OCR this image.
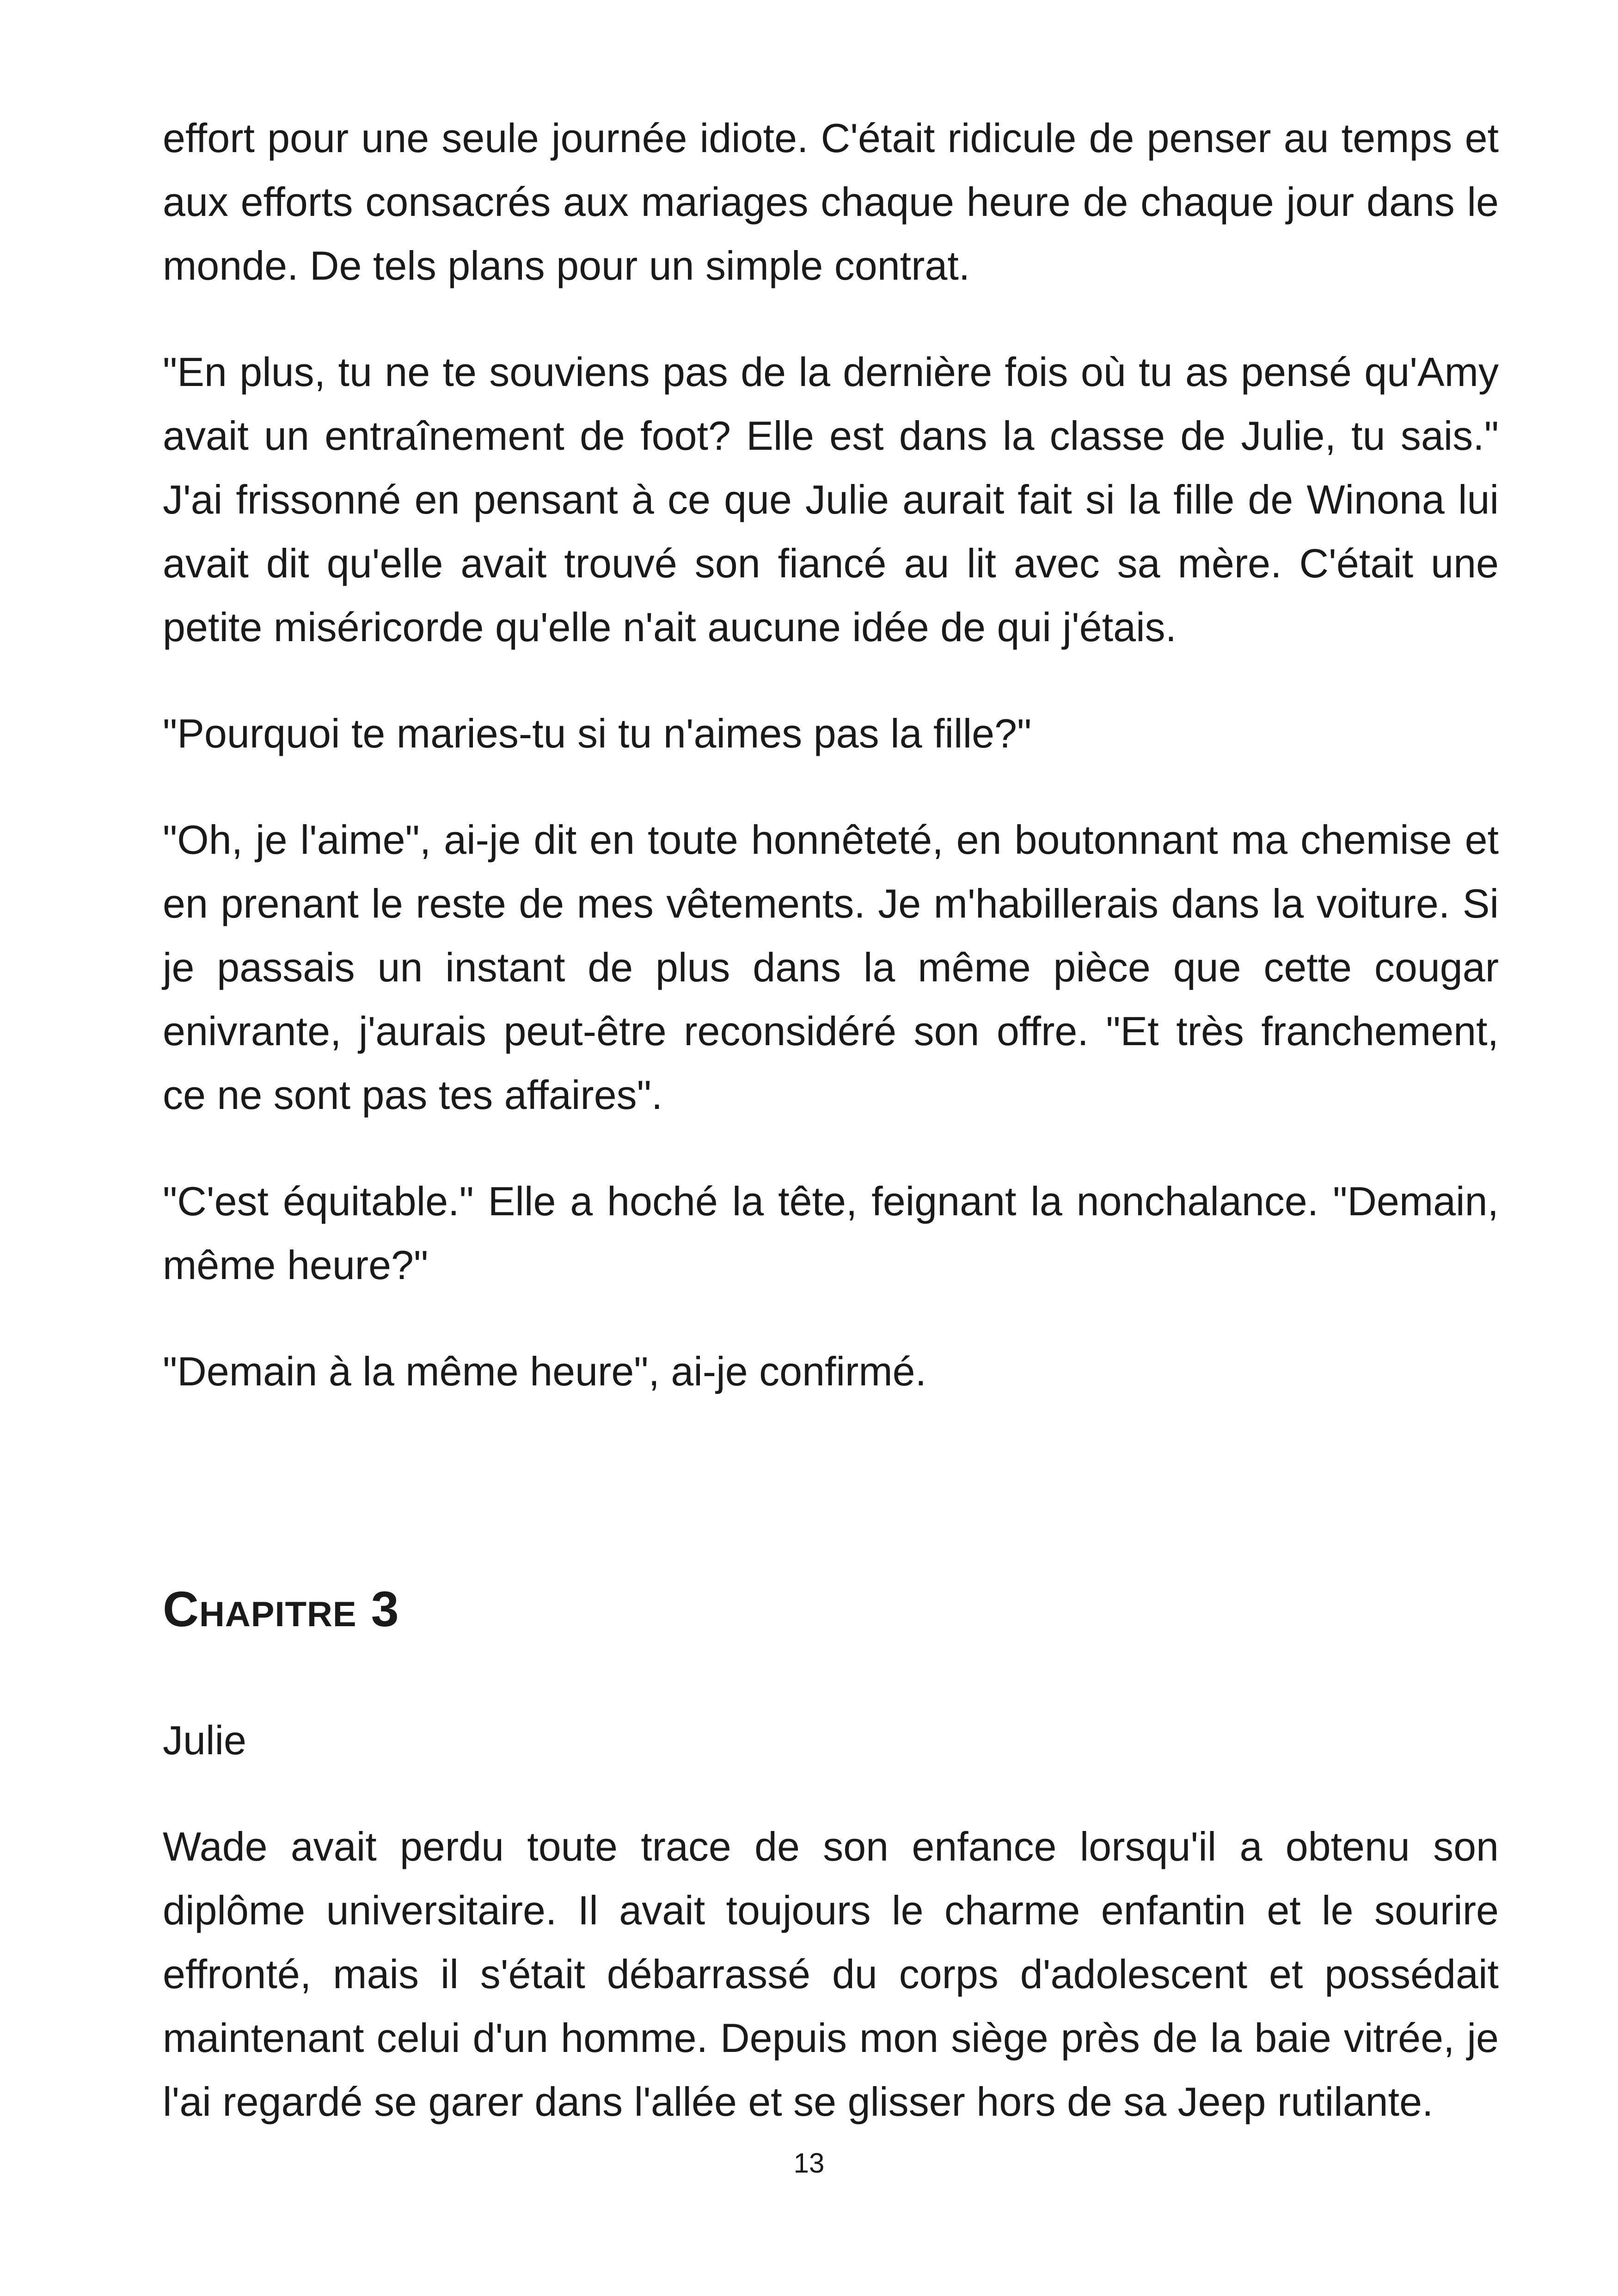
effort pour une seule journée idiote. C'était ridicule de penser au temps et aux efforts consacrés aux mariages chaque heure de chaque jour dans le monde. De tels plans pour un simple contrat.

"En plus, tu ne te souviens pas de la dernière fois où tu as pensé qu'Amy avait un entraînement de foot? Elle est dans la classe de Julie, tu sais." J'ai frissonné en pensant à ce que Julie aurait fait si la fille de Winona lui avait dit qu'elle avait trouvé son fiancé au lit avec sa mère. C'était une petite miséricorde qu'elle n'ait aucune idée de qui j'étais.

"Pourquoi te maries-tu si tu n'aimes pas la fille?"

"Oh, je l'aime", ai-je dit en toute honnêteté, en boutonnant ma chemise et en prenant le reste de mes vêtements. Je m'habillerais dans la voiture. Si je passais un instant de plus dans la même pièce que cette cougar enivrante, j'aurais peut-être reconsidéré son offre. "Et très franchement, ce ne sont pas tes affaires".

"C'est équitable." Elle a hoché la tête, feignant la nonchalance. "Demain, même heure?"

"Demain à la même heure", ai-je confirmé.

Chapitre 3

Julie

Wade avait perdu toute trace de son enfance lorsqu'il a obtenu son diplôme universitaire. Il avait toujours le charme enfantin et le sourire effronté, mais il s'était débarrassé du corps d'adolescent et possédait maintenant celui d'un homme. Depuis mon siège près de la baie vitrée, je l'ai regardé se garer dans l'allée et se glisser hors de sa Jeep rutilante.

13
